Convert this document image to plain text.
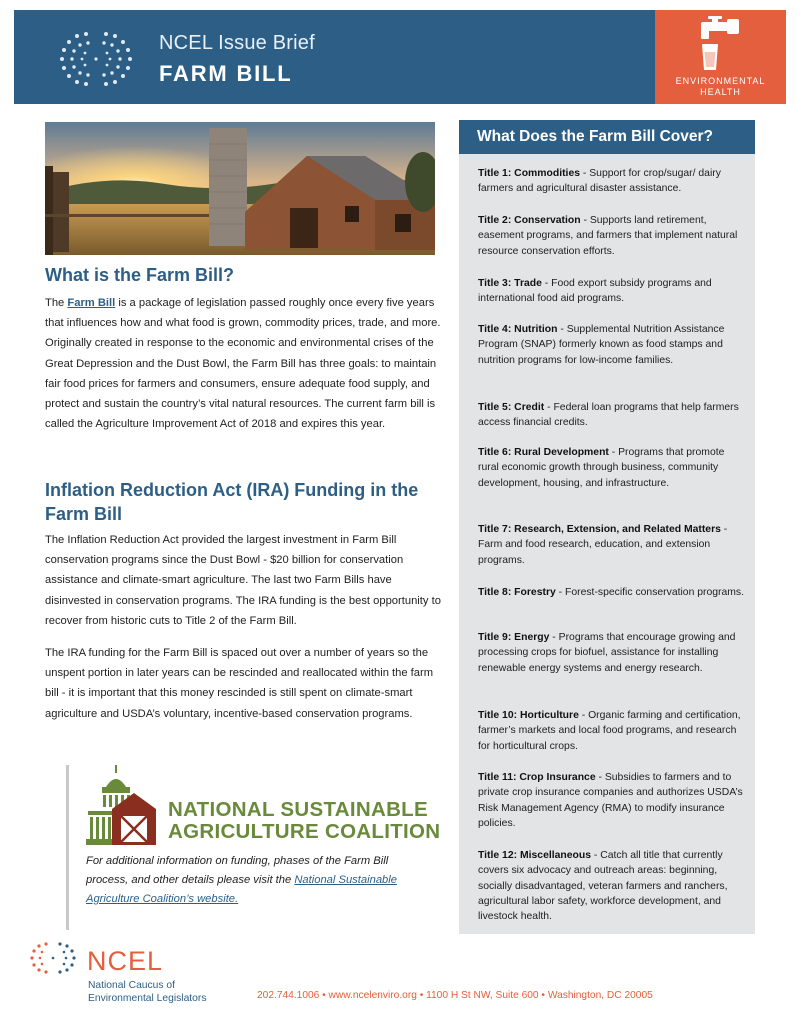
NCEL Issue Brief
FARM BILL	ENVIRONMENTAL
HEALTH
What is the Farm Bill?
The Farm Bill is a package of legislation passed roughly once every five years that influences how and what food is grown, commodity prices, trade, and more. Originally created in response to the economic and environmental crises of the Great Depression and the Dust Bowl, the Farm Bill has three goals: to maintain fair food prices for farmers and consumers, ensure adequate food supply, and protect and sustain the country’s vital natural resources. The current farm bill is called the Agriculture Improvement Act of 2018 and expires this year.
Inflation Reduction Act (IRA) Funding in the Farm Bill
The Inflation Reduction Act provided the largest investment in Farm Bill conservation programs since the Dust Bowl - $20 billion for conservation assistance and climate-smart agriculture. The last two Farm Bills have disinvested in conservation programs. The IRA funding is the best opportunity to recover from historic cuts to Title 2 of the Farm Bill.
The IRA funding for the Farm Bill is spaced out over a number of years so the unspent portion in later years can be rescinded and reallocated within the farm bill - it is important that this money rescinded is still spent on climate-smart agriculture and USDA’s voluntary, incentive-based conservation programs.
NATIONAL SUSTAINABLE
AGRICULTURE COALITION
For additional information on funding, phases of the Farm Bill process, and other details please visit the National Sustainable Agriculture Coalition’s website.
What Does the Farm Bill Cover?
Title 1: Commodities - Support for crop/sugar/ dairy farmers and agricultural disaster assistance.
Title 2: Conservation - Supports land retirement, easement programs, and farmers that implement natural resource conservation efforts.
Title 3: Trade - Food export subsidy programs and international food aid programs.
Title 4: Nutrition - Supplemental Nutrition Assistance Program (SNAP) formerly known as food stamps and nutrition programs for low-income families.
Title 5: Credit - Federal loan programs that help farmers access financial credits.
Title 6: Rural Development - Programs that promote rural economic growth through business, community development, housing, and infrastructure.
Title 7: Research, Extension, and Related Matters - Farm and food research, education, and extension programs.
Title 8: Forestry - Forest-specific conservation programs.
Title 9: Energy - Programs that encourage growing and processing crops for biofuel, assistance for installing renewable energy systems and energy research.
Title 10: Horticulture - Organic farming and certification, farmer’s markets and local food programs, and research for horticultural crops.
Title 11: Crop Insurance - Subsidies to farmers and to private crop insurance companies and authorizes USDA’s Risk Management Agency (RMA) to modify insurance policies.
Title 12: Miscellaneous - Catch all title that currently covers six advocacy and outreach areas: beginning, socially disadvantaged, veteran farmers and ranchers, agricultural labor safety, workforce development, and livestock health.
NCEL
National Caucus of
Environmental Legislators	202.744.1006 • www.ncelenviro.org • 1100 H St NW, Suite 600 • Washington, DC 20005
